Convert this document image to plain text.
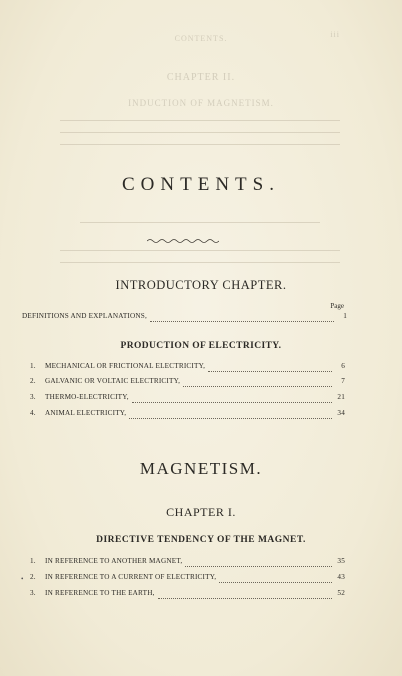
CONTENTS.	iii
CHAPTER II.
INDUCTION OF MAGNETISM.
CONTENTS.
INTRODUCTORY CHAPTER.
Page
DEFINITIONS AND EXPLANATIONS,	1
PRODUCTION OF ELECTRICITY.
1.	MECHANICAL OR FRICTIONAL ELECTRICITY,	6
2.	GALVANIC OR VOLTAIC ELECTRICITY,	7
3.	THERMO-ELECTRICITY,	21
4.	ANIMAL ELECTRICITY,	34
MAGNETISM.
CHAPTER I.
DIRECTIVE TENDENCY OF THE MAGNET.
1.	IN REFERENCE TO ANOTHER MAGNET,	35
2.	IN REFERENCE TO A CURRENT OF ELECTRICITY,	43
•
3.	IN REFERENCE TO THE EARTH,	52
